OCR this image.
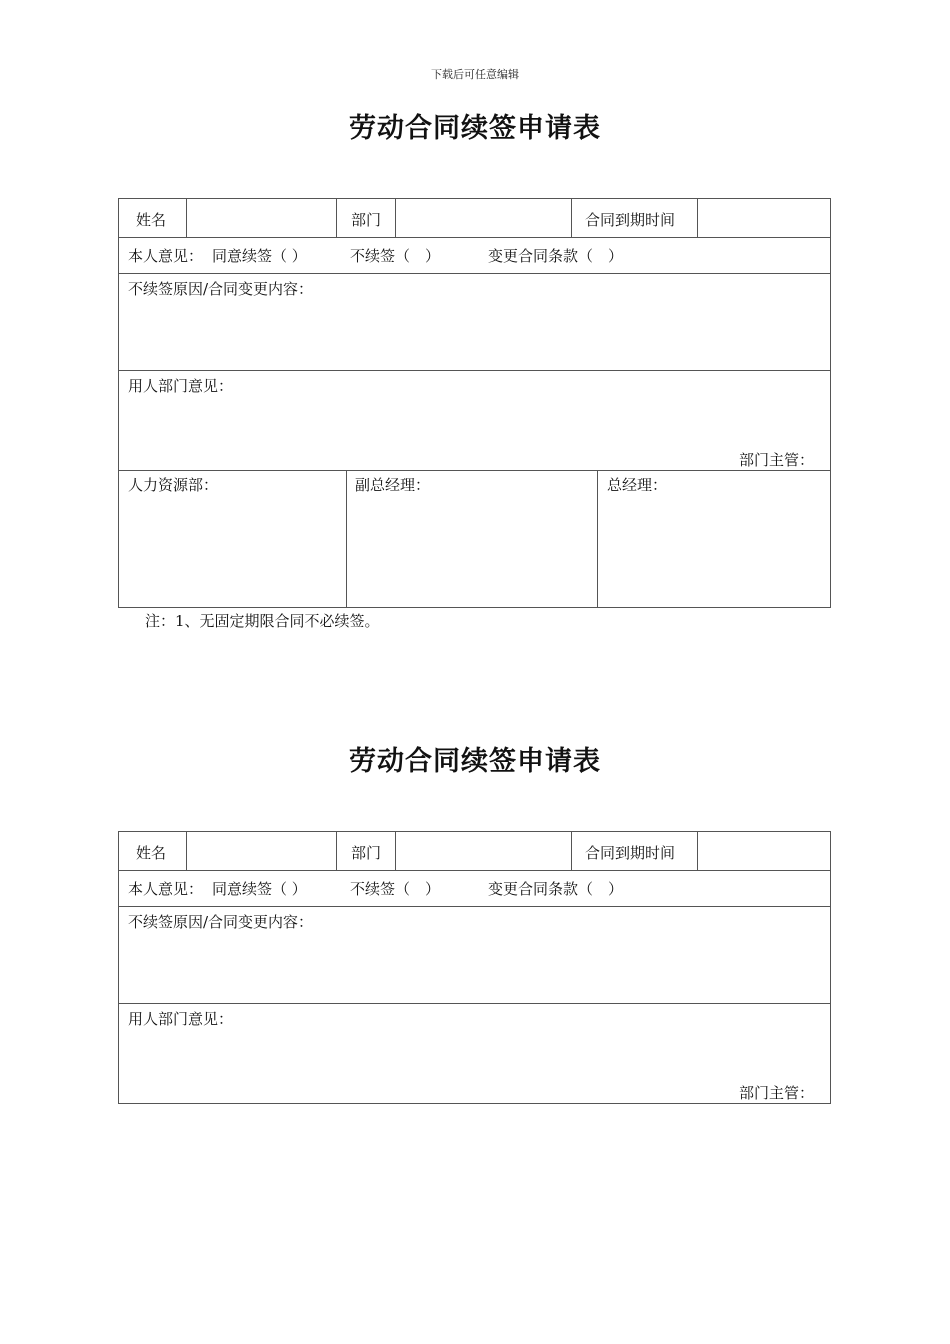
下载后可任意编辑
劳动合同续签申请表
姓名	部门	合同到期时间
本人意见： 同意续签（ ）	不续签（　）	变更合同条款（　）
不续签原因/合同变更内容：
用人部门意见：
部门主管：
人力资源部：	副总经理：	总经理：
注：1、无固定期限合同不必续签。
劳动合同续签申请表
姓名	部门	合同到期时间
本人意见： 同意续签（ ）	不续签（　）	变更合同条款（　）
不续签原因/合同变更内容：
用人部门意见：
部门主管：
